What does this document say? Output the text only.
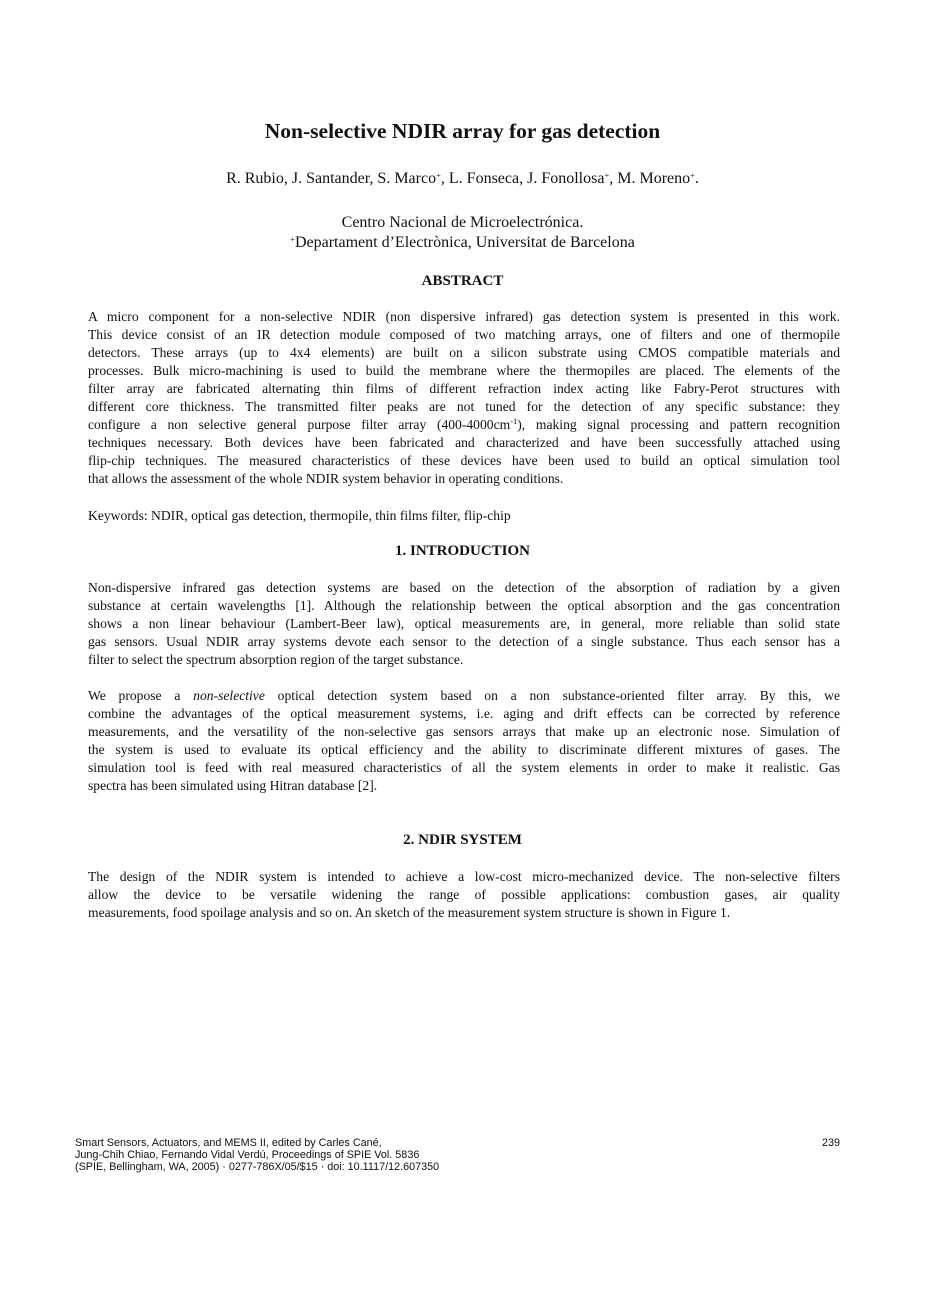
Non-selective NDIR array for gas detection
R. Rubio, J. Santander, S. Marco+, L. Fonseca, J. Fonollosa+, M. Moreno+.
Centro Nacional de Microelectrónica.
+Departament d’Electrònica, Universitat de Barcelona
ABSTRACT
A micro component for a non-selective NDIR (non dispersive infrared) gas detection system is presented in this work.
This device consist of an IR detection module composed of two matching arrays, one of filters and one of thermopile
detectors. These arrays (up to 4x4 elements) are built on a silicon substrate using CMOS compatible materials and
processes. Bulk micro-machining is used to build the membrane where the thermopiles are placed. The elements of the
filter array are fabricated alternating thin films of different refraction index acting like Fabry-Perot structures with
different core thickness. The transmitted filter peaks are not tuned for the detection of any specific substance: they
configure a non selective general purpose filter array $(400-4000cm^{-1})$, making signal processing and pattern recognition
techniques necessary. Both devices have been fabricated and characterized and have been successfully attached using
flip-chip techniques. The measured characteristics of these devices have been used to build an optical simulation tool
that allows the assessment of the whole NDIR system behavior in operating conditions.
Keywords: NDIR, optical gas detection, thermopile, thin films filter, flip-chip
1. INTRODUCTION
Non-dispersive infrared gas detection systems are based on the detection of the absorption of radiation by a given
substance at certain wavelengths [1]. Although the relationship between the optical absorption and the gas concentration
shows a non linear behaviour (Lambert-Beer law), optical measurements are, in general, more reliable than solid state
gas sensors. Usual NDIR array systems devote each sensor to the detection of a single substance. Thus each sensor has a
filter to select the spectrum absorption region of the target substance.
We propose a non-selective optical detection system based on a non substance-oriented filter array. By this, we
combine the advantages of the optical measurement systems, i.e. aging and drift effects can be corrected by reference
measurements, and the versatility of the non-selective gas sensors arrays that make up an electronic nose. Simulation of
the system is used to evaluate its optical efficiency and the ability to discriminate different mixtures of gases. The
simulation tool is feed with real measured characteristics of all the system elements in order to make it realistic. Gas
spectra has been simulated using Hitran database [2].
2. NDIR SYSTEM
The design of the NDIR system is intended to achieve a low-cost micro-mechanized device. The non-selective filters
allow the device to be versatile widening the range of possible applications: combustion gases, air quality
measurements, food spoilage analysis and so on. An sketch of the measurement system structure is shown in Figure 1.
Smart Sensors, Actuators, and MEMS II, edited by Carles Cané,
Jung-Chih Chiao, Fernando Vidal Verdú, Proceedings of SPIE Vol. 5836
(SPIE, Bellingham, WA, 2005) · 0277-786X/05/$15 · doi: 10.1117/12.607350
239
